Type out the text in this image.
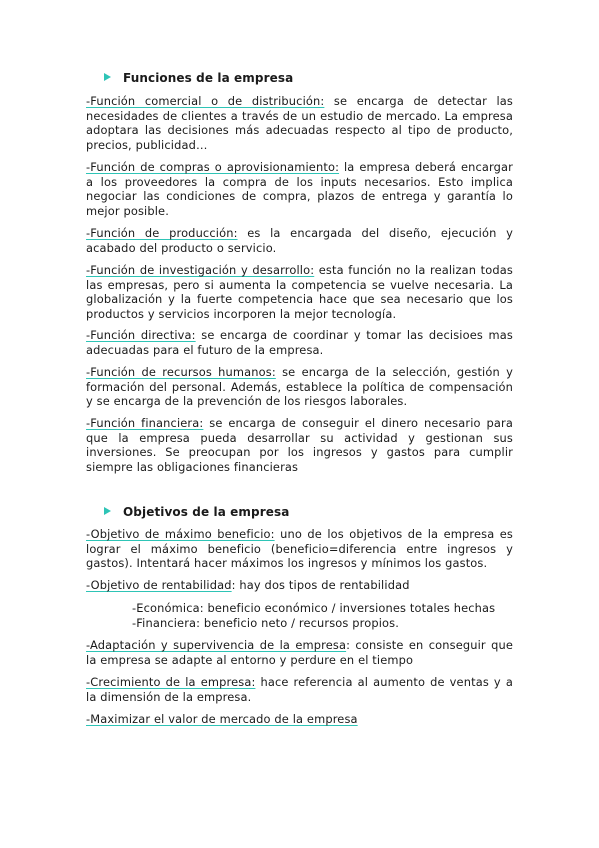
Funciones de la empresa

-Función comercial o de distribución: se encarga de detectar las necesidades de clientes a través de un estudio de mercado. La empresa adoptara las decisiones más adecuadas respecto al tipo de producto, precios, publicidad…

-Función de compras o aprovisionamiento: la empresa deberá encargar a los proveedores la compra de los inputs necesarios. Esto implica negociar las condiciones de compra, plazos de entrega y garantía lo mejor posible.

-Función de producción: es la encargada del diseño, ejecución y acabado del producto o servicio.

-Función de investigación y desarrollo: esta función no la realizan todas las empresas, pero si aumenta la competencia se vuelve necesaria. La globalización y la fuerte competencia hace que sea necesario que los productos y servicios incorporen la mejor tecnología.

-Función directiva: se encarga de coordinar y tomar las decisioes mas adecuadas para el futuro de la empresa.

-Función de recursos humanos: se encarga de la selección, gestión y formación del personal. Además, establece la política de compensación y se encarga de la prevención de los riesgos laborales.

-Función financiera: se encarga de conseguir el dinero necesario para que la empresa pueda desarrollar su actividad y gestionan sus inversiones. Se preocupan por los ingresos y gastos para cumplir siempre las obligaciones financieras

Objetivos de la empresa

-Objetivo de máximo beneficio: uno de los objetivos de la empresa es lograr el máximo beneficio (beneficio=diferencia entre ingresos y gastos). Intentará hacer máximos los ingresos y mínimos los gastos.

-Objetivo de rentabilidad: hay dos tipos de rentabilidad

-Económica: beneficio económico / inversiones totales hechas

-Financiera: beneficio neto / recursos propios.

-Adaptación y supervivencia de la empresa: consiste en conseguir que la empresa se adapte al entorno y perdure en el tiempo

-Crecimiento de la empresa: hace referencia al aumento de ventas y a la dimensión de la empresa.

-Maximizar el valor de mercado de la empresa
